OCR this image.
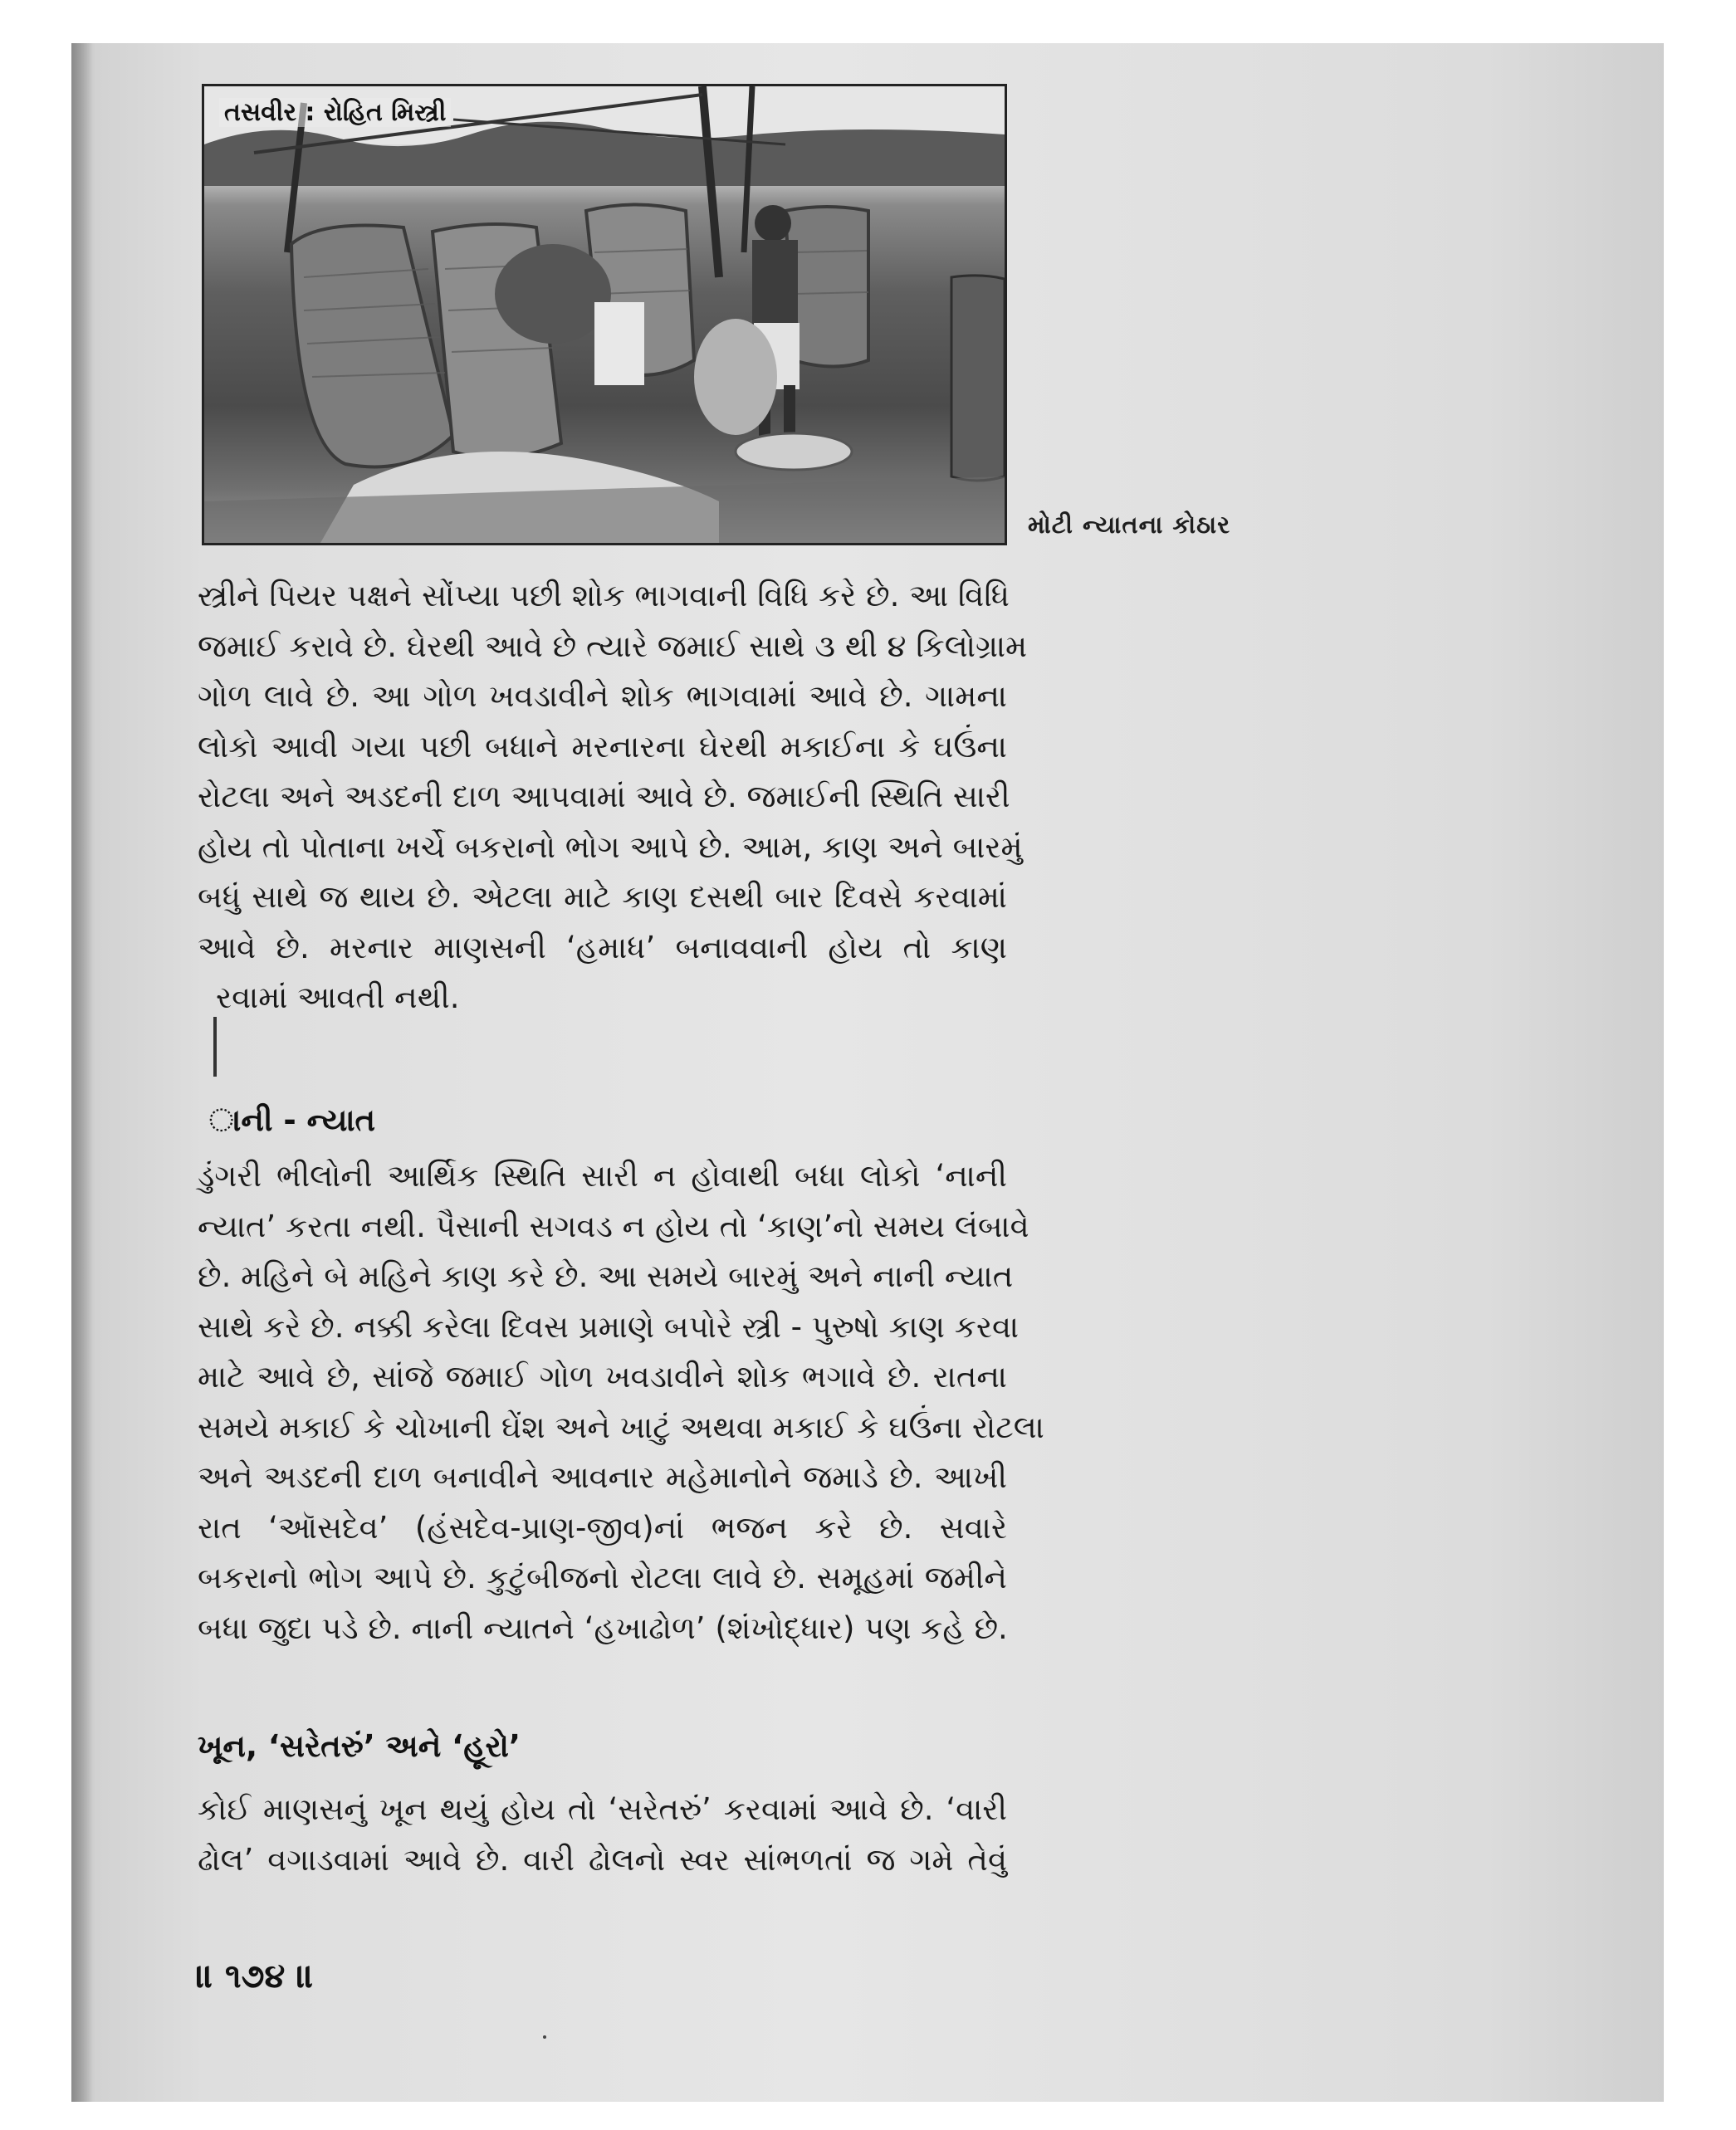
તસવીર : રોહિત મિસ્ત્રી
મોટી ન્યાતના કોઠાર
સ્ત્રીને પિયર પક્ષને સોંપ્યા પછી શોક ભાગવાની વિધિ કરે છે. આ વિધિ
જમાઈ કરાવે છે. ઘેરથી આવે છે ત્યારે જમાઈ સાથે ૩ થી ૪ કિલોગ્રામ
ગોળ લાવે છે. આ ગોળ ખવડાવીને શોક ભાગવામાં આવે છે. ગામના
લોકો આવી ગયા પછી બધાને મરનારના ઘેરથી મકાઈના કે ઘઉંના
રોટલા અને અડદની દાળ આપવામાં આવે છે. જમાઈની સ્થિતિ સારી
હોય તો પોતાના ખર્ચે બકરાનો ભોગ આપે છે. આમ, કાણ અને બારમું
બધું સાથે જ થાય છે. એટલા માટે કાણ દસથી બાર દિવસે કરવામાં
આવે છે. મરનાર માણસની ‘હમાધ’ બનાવવાની હોય તો કાણ
રવામાં આવતી નથી.
ાની - ન્યાત
ડુંગરી ભીલોની આર્થિક સ્થિતિ સારી ન હોવાથી બધા લોકો ‘નાની
ન્યાત’ કરતા નથી. પૈસાની સગવડ ન હોય તો ‘કાણ’નો સમય લંબાવે
છે. મહિને બે મહિને કાણ કરે છે. આ સમયે બારમું અને નાની ન્યાત
સાથે કરે છે. નક્કી કરેલા દિવસ પ્રમાણે બપોરે સ્ત્રી - પુરુષો કાણ કરવા
માટે આવે છે, સાંજે જમાઈ ગોળ ખવડાવીને શોક ભગાવે છે. રાતના
સમયે મકાઈ કે ચોખાની ઘેંશ અને ખાટું અથવા મકાઈ કે ઘઉંના રોટલા
અને અડદની દાળ બનાવીને આવનાર મહેમાનોને જમાડે છે. આખી
રાત ‘ઑસદેવ’ (હંસદેવ-પ્રાણ-જીવ)નાં ભજન કરે છે. સવારે
બકરાનો ભોગ આપે છે. કુટુંબીજનો રોટલા લાવે છે. સમૂહમાં જમીને
બધા જુદા પડે છે. નાની ન્યાતને ‘હખાઢોળ’ (શંખોદ્ધાર) પણ કહે છે.
ખૂન, ‘સરેતરું’ અને ‘હૂરો’
કોઈ માણસનું ખૂન થયું હોય તો ‘સરેતરું’ કરવામાં આવે છે. ‘વારી
ઢોલ’ વગાડવામાં આવે છે. વારી ઢોલનો સ્વર સાંભળતાં જ ગમે તેવું
॥ ૧૭૪ ॥
